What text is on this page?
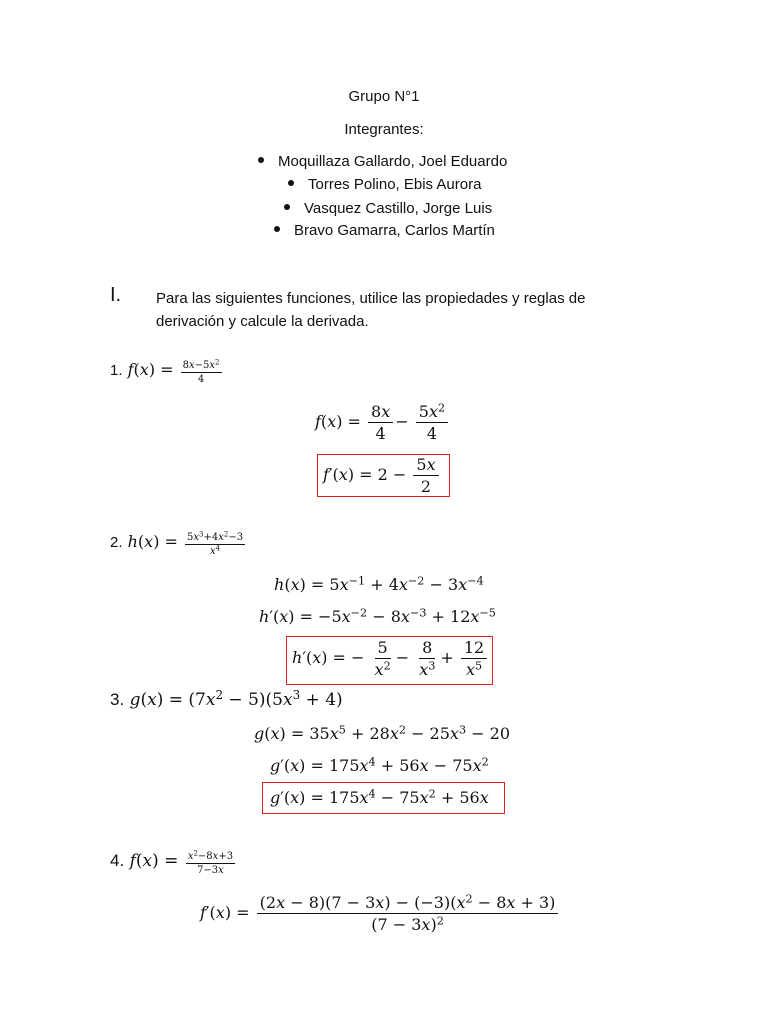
Grupo N°1
Integrantes:
Moquillaza Gallardo, Joel Eduardo
Torres Polino, Ebis Aurora
Vasquez Castillo, Jorge Luis
Bravo Gamarra, Carlos Martín
I. Para las siguientes funciones, utilice las propiedades y reglas de
derivación y calcule la derivada.
1. $f(x) = \frac{8x-5x^2}{4}$
$f(x) = \frac{8x}{4} - \frac{5x^2}{4}$
$f'(x) = 2 - \frac{5x}{2}$
2. $h(x) = \frac{5x^3+4x^2-3}{x^4}$
$h(x) = 5x^{-1} + 4x^{-2} - 3x^{-4}$
$h'(x) = -5x^{-2} - 8x^{-3} + 12x^{-5}$
h′(x) = − $\frac{5}{x^2} - \frac{8}{x^3} + \frac{12}{x^5}$
3. $g(x) = (7x^2 - 5)(5x^3 + 4)$
$g(x) = 35x^5 + 28x^2 - 25x^3 - 20$
$g'(x) = 175x^4 + 56x - 75x^2$
$g'(x) = 175x^4 - 75x^2 + 56x$
4. $f(x) = \frac{x^2-8x+3}{7-3x}$
$f'(x) = \frac{(2x - 8)(7 - 3x) - (-3)(x^2 - 8x + 3)}{(7 - 3x)^2}$
